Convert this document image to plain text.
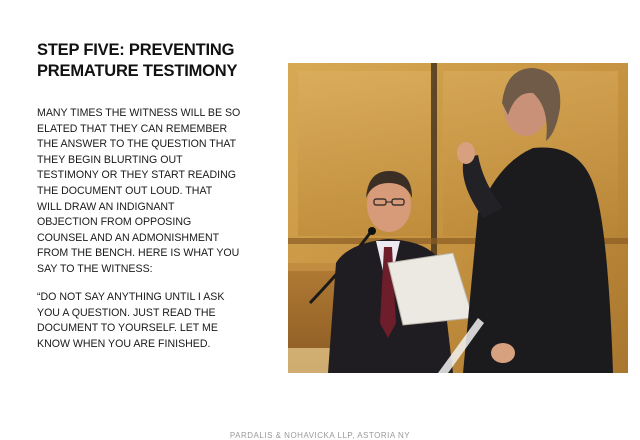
STEP FIVE: PREVENTING
PREMATURE TESTIMONY

MANY TIMES THE WITNESS WILL BE SO
ELATED THAT THEY CAN REMEMBER
THE ANSWER TO THE QUESTION THAT
THEY BEGIN BLURTING OUT
TESTIMONY OR THEY START READING
THE DOCUMENT OUT LOUD. THAT
WILL DRAW AN INDIGNANT
OBJECTION FROM OPPOSING
COUNSEL AND AN ADMONISHMENT
FROM THE BENCH. HERE IS WHAT YOU
SAY TO THE WITNESS:

“DO NOT SAY ANYTHING UNTIL I ASK
YOU A QUESTION. JUST READ THE
DOCUMENT TO YOURSELF. LET ME
KNOW WHEN YOU ARE FINISHED.

PARDALIS & NOHAVICKA LLP, ASTORIA NY
